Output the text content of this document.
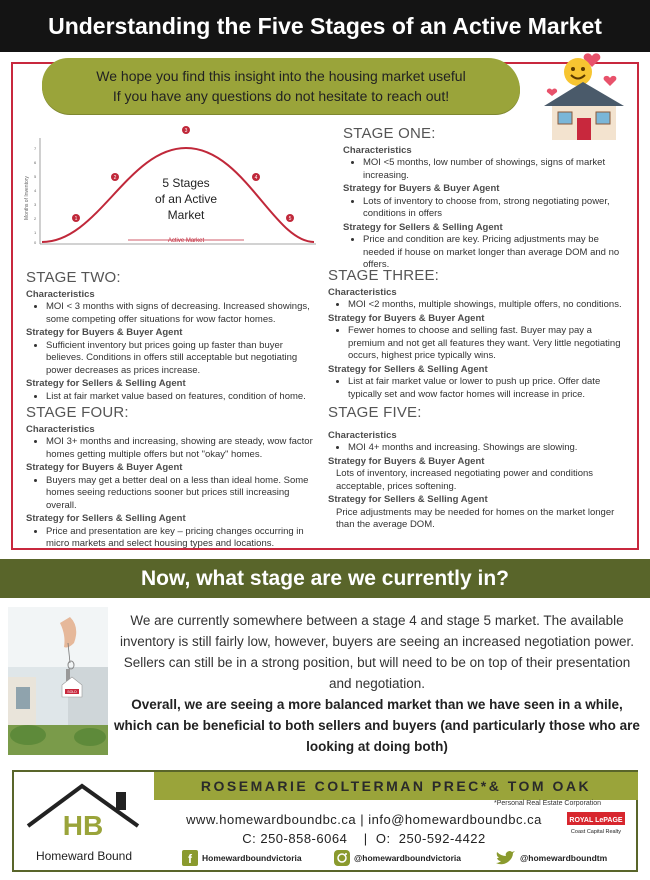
Understanding the Five Stages of an Active Market
We hope you find this insight into the housing market useful
If you have any questions do not hesitate to reach out!
7
6
5
4
3
2
1
0
Months of Inventory
Active Market
5 Stages
of an Active
Market
1
2
3
4
5
STAGE ONE:
Characteristics
• MOI <5 months, low number of showings, signs of market increasing.
Strategy for Buyers & Buyer Agent
• Lots of inventory to choose from, strong negotiating power, conditions in offers
Strategy for Sellers & Selling Agent
• Price and condition are key. Pricing adjustments may be needed if house on market longer than average DOM and no offers.
STAGE TWO:
Characteristics
• MOI < 3 months with signs of decreasing. Increased showings, some competing offer situations for wow factor homes.
Strategy for Buyers & Buyer Agent
• Sufficient inventory but prices going up faster than buyer believes. Conditions in offers still acceptable but negotiating power decreases as prices increase.
Strategy for Sellers & Selling Agent
• List at fair market value based on features, condition of home.
STAGE THREE:
Characteristics
• MOI <2 months, multiple showings, multiple offers, no conditions.
Strategy for Buyers & Buyer Agent
• Fewer homes to choose and selling fast. Buyer may pay a premium and not get all features they want. Very little negotiating occurs, highest price typically wins.
Strategy for Sellers & Selling Agent
• List at fair market value or lower to push up price. Offer date typically set and wow factor homes will increase in price.
STAGE FOUR:
Characteristics
• MOI 3+ months and increasing, showing are steady, wow factor homes getting multiple offers but not "okay" homes.
Strategy for Buyers & Buyer Agent
• Buyers may get a better deal on a less than ideal home. Some homes seeing reductions sooner but prices still increasing overall.
Strategy for Sellers & Selling Agent
• Price and presentation are key – pricing changes occurring in micro markets and select housing types and locations.
STAGE FIVE:
Characteristics
• MOI 4+ months and increasing. Showings are slowing.
Strategy for Buyers & Buyer Agent

Lots of inventory, increased negotiating power and conditions acceptable, prices softening.

Strategy for Sellers & Selling Agent

Price adjustments may be needed for homes on the market longer than the average DOM.

Now, what stage are we currently in?
SOLD
We are currently somewhere between a stage 4 and stage 5 market. The available inventory is still fairly low, however, buyers are seeing an increased negotiation power. Sellers can still be in a strong position, but will need to be on top of their presentation and negotiation.
Overall, we are seeing a more balanced market than we have seen in a while, which can be beneficial to both sellers and buyers (and particularly those who are looking at doing both)
HB
Homeward Bound
ROSEMARIE COLTERMAN PREC*& TOM OAK
*Personal Real Estate Corporation
www.homewardboundbc.ca | info@homewardboundbc.ca
C: 250-858-6064    |  O:  250-592-4422
ROYAL LePAGE
Coast Capital Realty
f Homewardboundvictoria	@homewardboundvictoria	@homewardboundtm
